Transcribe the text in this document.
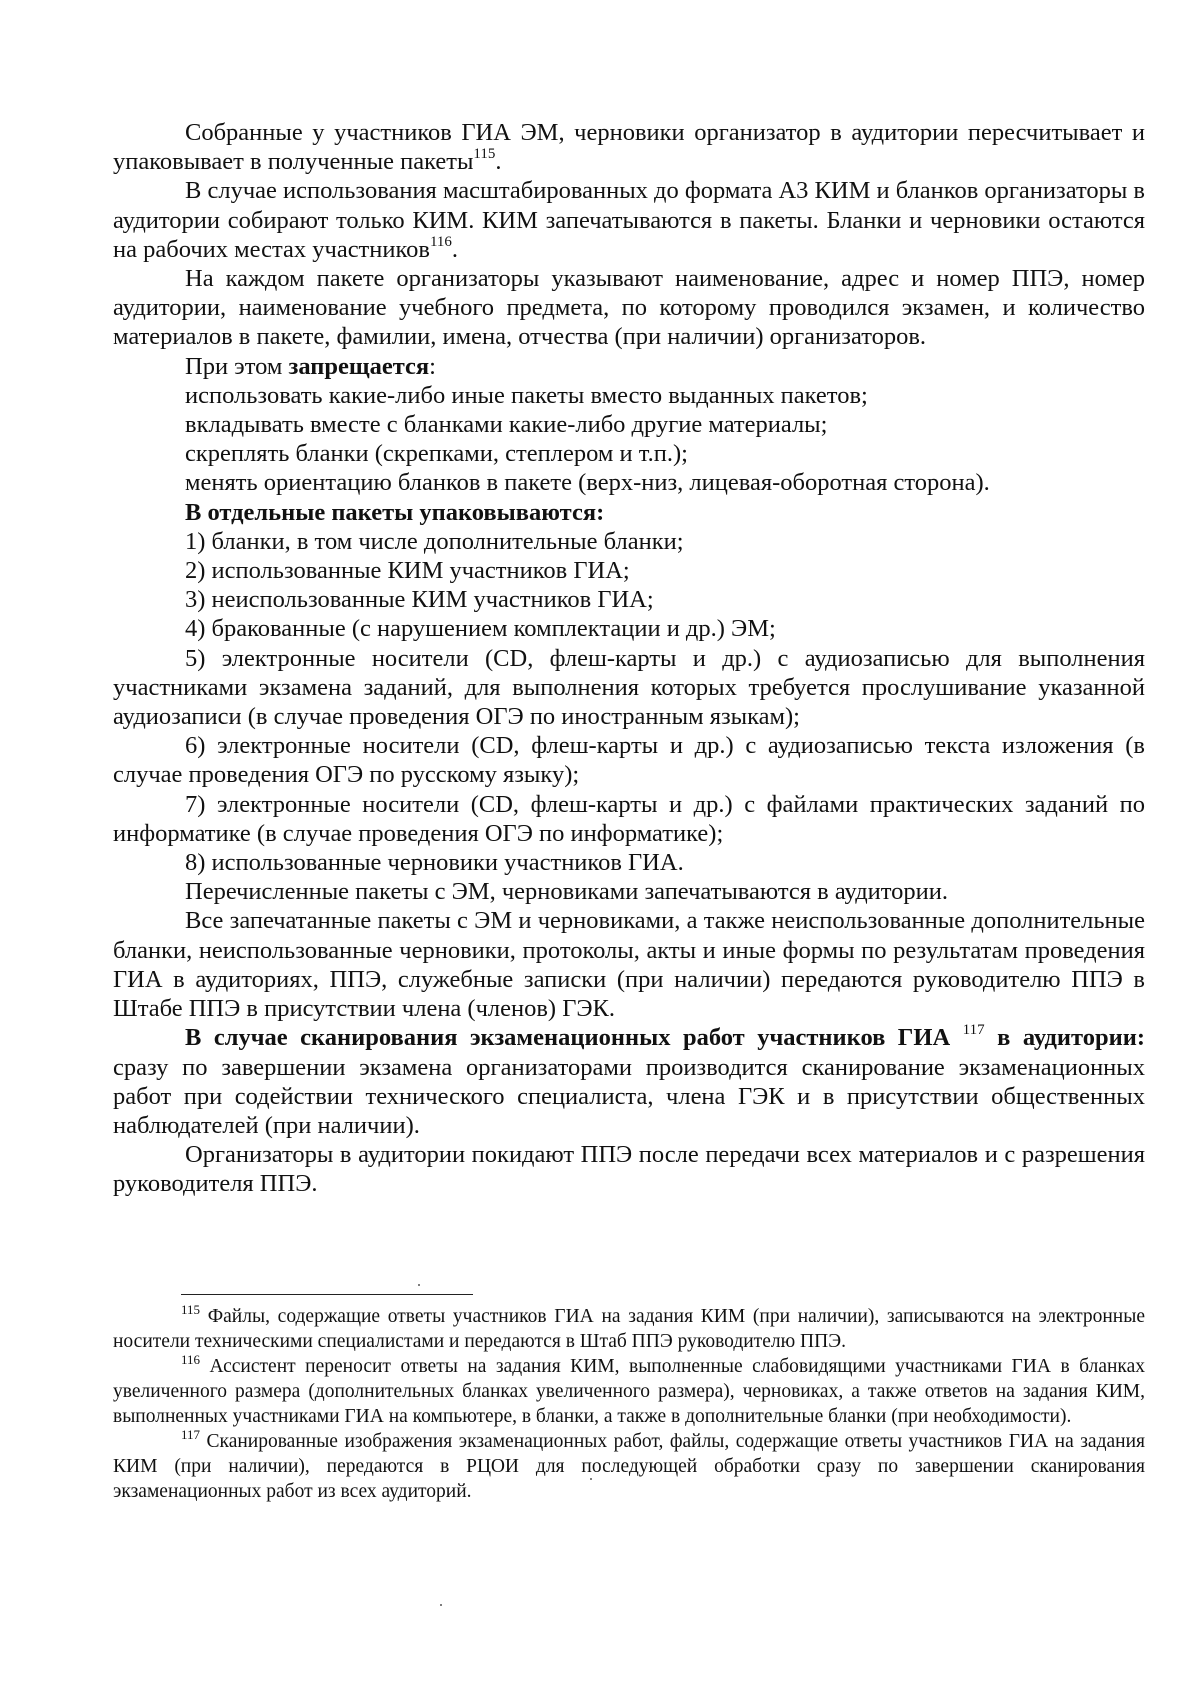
Собранные у участников ГИА ЭМ, черновики организатор в аудитории пересчитывает и упаковывает в полученные пакеты$^{115}$.

В случае использования масштабированных до формата А3 КИМ и бланков организаторы в аудитории собирают только КИМ. КИМ запечатываются в пакеты. Бланки и черновики остаются на рабочих местах участников$^{116}$.

На каждом пакете организаторы указывают наименование, адрес и номер ППЭ, номер аудитории, наименование учебного предмета, по которому проводился экзамен, и количество материалов в пакете, фамилии, имена, отчества (при наличии) организаторов.

При этом запрещается:

использовать какие-либо иные пакеты вместо выданных пакетов;

вкладывать вместе с бланками какие-либо другие материалы;

скреплять бланки (скрепками, степлером и т.п.);

менять ориентацию бланков в пакете (верх-низ, лицевая-оборотная сторона).

В отдельные пакеты упаковываются:

1) бланки, в том числе дополнительные бланки;

2) использованные КИМ участников ГИА;

3) неиспользованные КИМ участников ГИА;

4) бракованные (с нарушением комплектации и др.) ЭМ;

5) электронные носители (CD, флеш-карты и др.) с аудиозаписью для выполнения участниками экзамена заданий, для выполнения которых требуется прослушивание указанной аудиозаписи (в случае проведения ОГЭ по иностранным языкам);

6) электронные носители (CD, флеш-карты и др.) с аудиозаписью текста изложения (в случае проведения ОГЭ по русскому языку);

7) электронные носители (CD, флеш-карты и др.) с файлами практических заданий по информатике (в случае проведения ОГЭ по информатике);

8) использованные черновики участников ГИА.

Перечисленные пакеты с ЭМ, черновиками запечатываются в аудитории.

Все запечатанные пакеты с ЭМ и черновиками, а также неиспользованные дополнительные бланки, неиспользованные черновики, протоколы, акты и иные формы по результатам проведения ГИА в аудиториях, ППЭ, служебные записки (при наличии) передаются руководителю ППЭ в Штабе ППЭ в присутствии члена (членов) ГЭК.

В случае сканирования экзаменационных работ участников ГИА $^{117}$ в аудитории: сразу по завершении экзамена организаторами производится сканирование экзаменационных работ при содействии технического специалиста, члена ГЭК и в присутствии общественных наблюдателей (при наличии).

Организаторы в аудитории покидают ППЭ после передачи всех материалов и с разрешения руководителя ППЭ.

$^{115}$ Файлы, содержащие ответы участников ГИА на задания КИМ (при наличии), записываются на электронные носители техническими специалистами и передаются в Штаб ППЭ руководителю ППЭ.

$^{116}$ Ассистент переносит ответы на задания КИМ, выполненные слабовидящими участниками ГИА в бланках увеличенного размера (дополнительных бланках увеличенного размера), черновиках, а также ответов на задания КИМ, выполненных участниками ГИА на компьютере, в бланки, а также в дополнительные бланки (при необходимости).

$^{117}$ Сканированные изображения экзаменационных работ, файлы, содержащие ответы участников ГИА на задания КИМ (при наличии), передаются в РЦОИ для последующей обработки сразу по завершении сканирования экзаменационных работ из всех аудиторий.
